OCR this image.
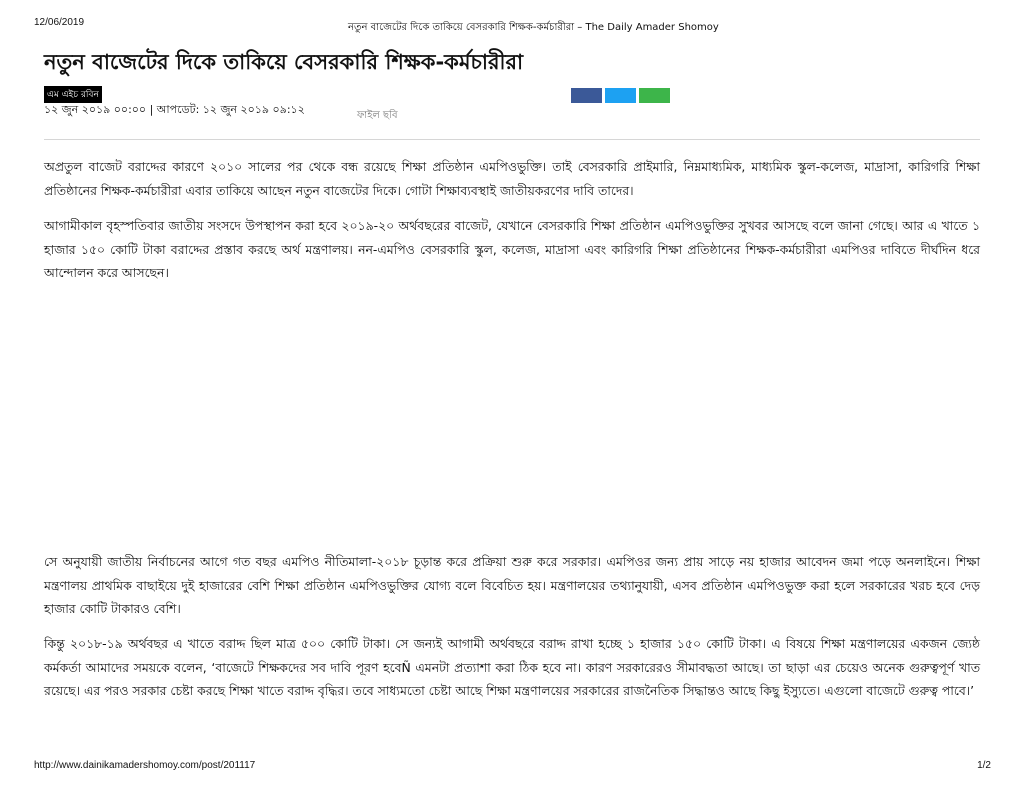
12/06/2019	নতুন বাজেটের দিকে তাকিয়ে বেসরকারি শিক্ষক-কর্মচারীরা – The Daily Amader Shomoy
নতুন বাজেটের দিকে তাকিয়ে বেসরকারি শিক্ষক-কর্মচারীরা
এম এইচ রবিন
১২ জুন ২০১৯ ০০:০০ | আপডেট: ১২ জুন ২০১৯ ০৯:১২	ফাইল ছবি

অপ্রতুল বাজেট বরাদ্দের কারণে ২০১০ সালের পর থেকে বন্ধ রয়েছে শিক্ষা প্রতিষ্ঠান এমপিওভুক্তি। তাই বেসরকারি প্রাইমারি, নিম্নমাধ্যমিক, মাধ্যমিক স্কুল-কলেজ, মাদ্রাসা, কারিগরি শিক্ষা প্রতিষ্ঠানের শিক্ষক-কর্মচারীরা এবার তাকিয়ে আছেন নতুন বাজেটের দিকে। গোটা শিক্ষাব্যবস্থাই জাতীয়করণের দাবি তাদের।

আগামীকাল বৃহস্পতিবার জাতীয় সংসদে উপস্থাপন করা হবে ২০১৯-২০ অর্থবছরের বাজেট, যেখানে বেসরকারি শিক্ষা প্রতিষ্ঠান এমপিওভুক্তির সুখবর আসছে বলে জানা গেছে। আর এ খাতে ১ হাজার ১৫০ কোটি টাকা বরাদ্দের প্রস্তাব করছে অর্থ মন্ত্রণালয়। নন-এমপিও বেসরকারি স্কুল, কলেজ, মাদ্রাসা এবং কারিগরি শিক্ষা প্রতিষ্ঠানের শিক্ষক-কর্মচারীরা এমপিওর দাবিতে দীর্ঘদিন ধরে আন্দোলন করে আসছেন।

সে অনুযায়ী জাতীয় নির্বাচনের আগে গত বছর এমপিও নীতিমালা-২০১৮ চূড়ান্ত করে প্রক্রিয়া শুরু করে সরকার। এমপিওর জন্য প্রায় সাড়ে নয় হাজার আবেদন জমা পড়ে অনলাইনে। শিক্ষা মন্ত্রণালয় প্রাথমিক বাছাইয়ে দুই হাজারের বেশি শিক্ষা প্রতিষ্ঠান এমপিওভুক্তির যোগ্য বলে বিবেচিত হয়। মন্ত্রণালয়ের তথ্যানুযায়ী, এসব প্রতিষ্ঠান এমপিওভুক্ত করা হলে সরকারের খরচ হবে দেড় হাজার কোটি টাকারও বেশি।

কিন্তু ২০১৮-১৯ অর্থবছর এ খাতে বরাদ্দ ছিল মাত্র ৫০০ কোটি টাকা। সে জন্যই আগামী অর্থবছরে বরাদ্দ রাখা হচ্ছে ১ হাজার ১৫০ কোটি টাকা। এ বিষয়ে শিক্ষা মন্ত্রণালয়ের একজন জ্যেষ্ঠ কর্মকর্তা আমাদের সময়কে বলেন, ‘বাজেটে শিক্ষকদের সব দাবি পূরণ হবেÑ এমনটা প্রত্যাশা করা ঠিক হবে না। কারণ সরকারেরও সীমাবদ্ধতা আছে। তা ছাড়া এর চেয়েও অনেক গুরুত্বপূর্ণ খাত রয়েছে। এর পরও সরকার চেষ্টা করছে শিক্ষা খাতে বরাদ্দ বৃদ্ধির। তবে সাধ্যমতো চেষ্টা আছে শিক্ষা মন্ত্রণালয়ের সরকারের রাজনৈতিক সিদ্ধান্তও আছে কিছু ইস্যুতে। এগুলো বাজেটে গুরুত্ব পাবে।’

http://www.dainikamadershomoy.com/post/201117	1/2
